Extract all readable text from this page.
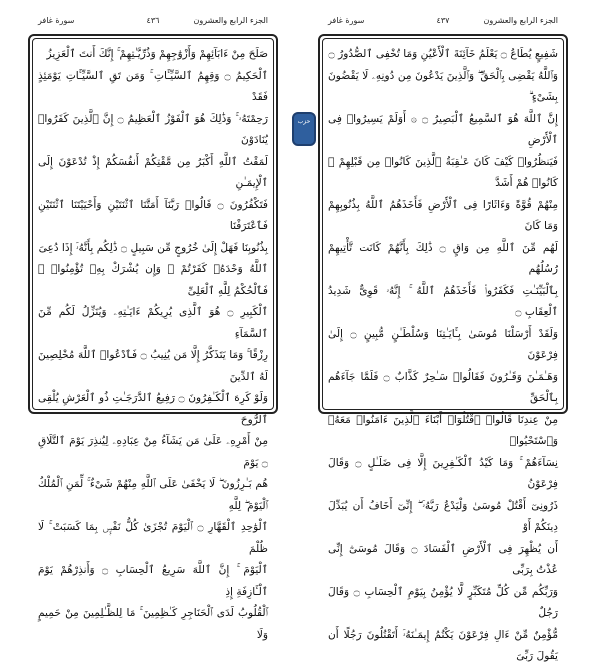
سورة غافر	٤٣٦	الجزء الرابع والعشرون
صَلَحَ مِنْ ءَابَآئِهِمْ وَأَزْوَٰجِهِمْ وَذُرِّيَّـٰتِهِمْ ۚ إِنَّكَ أَنتَ ٱلْعَزِيزُ
ٱلْحَكِيمُ ۝ وَقِهِمُ ٱلسَّيِّـَٔاتِ ۚ وَمَن تَقِ ٱلسَّيِّـَٔاتِ يَوْمَئِذٍ فَقَدْ
رَحِمْتَهُۥ ۚ وَذَٰلِكَ هُوَ ٱلْفَوْزُ ٱلْعَظِيمُ ۝ إِنَّ ٱلَّذِينَ كَفَرُوا۟ يُنَادَوْنَ
لَمَقْتُ ٱللَّهِ أَكْبَرُ مِن مَّقْتِكُمْ أَنفُسَكُمْ إِذْ تُدْعَوْنَ إِلَى ٱلْإِيمَـٰنِ
فَتَكْفُرُونَ ۝ قَالُوا۟ رَبَّنَآ أَمَتَّنَا ٱثْنَتَيْنِ وَأَحْيَيْتَنَا ٱثْنَتَيْنِ فَٱعْتَرَفْنَا
بِذُنُوبِنَا فَهَلْ إِلَىٰ خُرُوجٍ مِّن سَبِيلٍ ۝ ذَٰلِكُم بِأَنَّهُۥٓ إِذَا دُعِىَ
ٱللَّهُ وَحْدَهُۥ كَفَرْتُمْ ۖ وَإِن يُشْرَكْ بِهِۦ تُؤْمِنُوا۟ ۚ فَٱلْحُكْمُ لِلَّهِ ٱلْعَلِىِّ
ٱلْكَبِيرِ ۝ هُوَ ٱلَّذِى يُرِيكُمْ ءَايَـٰتِهِۦ وَيُنَزِّلُ لَكُم مِّنَ ٱلسَّمَآءِ
رِزْقًا ۚ وَمَا يَتَذَكَّرُ إِلَّا مَن يُنِيبُ ۝ فَٱدْعُوا۟ ٱللَّهَ مُخْلِصِينَ لَهُ ٱلدِّينَ
وَلَوْ كَرِهَ ٱلْكَـٰفِرُونَ ۝ رَفِيعُ ٱلدَّرَجَـٰتِ ذُو ٱلْعَرْشِ يُلْقِى ٱلرُّوحَ
مِنْ أَمْرِهِۦ عَلَىٰ مَن يَشَآءُ مِنْ عِبَادِهِۦ لِيُنذِرَ يَوْمَ ٱلتَّلَاقِ ۝ يَوْمَ
هُم بَـٰرِزُونَ ۖ لَا يَخْفَىٰ عَلَى ٱللَّهِ مِنْهُمْ شَىْءٌ ۚ لِّمَنِ ٱلْمُلْكُ ٱلْيَوْمَ ۖ لِلَّهِ
ٱلْوَٰحِدِ ٱلْقَهَّارِ ۝ ٱلْيَوْمَ تُجْزَىٰ كُلُّ نَفْسٍۭ بِمَا كَسَبَتْ ۚ لَا ظُلْمَ
ٱلْيَوْمَ ۚ إِنَّ ٱللَّهَ سَرِيعُ ٱلْحِسَابِ ۝ وَأَنذِرْهُمْ يَوْمَ ٱلْـَٔازِفَةِ إِذِ
ٱلْقُلُوبُ لَدَى ٱلْحَنَاجِرِ كَـٰظِمِينَ ۚ مَا لِلظَّـٰلِمِينَ مِنْ حَمِيمٍ وَلَا
حزب
سورة غافر	٤٣٧	الجزء الرابع والعشرون
شَفِيعٍ يُطَاعُ ۝ يَعْلَمُ خَآئِنَةَ ٱلْأَعْيُنِ وَمَا تُخْفِى ٱلصُّدُورُ ۝
وَٱللَّهُ يَقْضِى بِٱلْحَقِّ ۖ وَٱلَّذِينَ يَدْعُونَ مِن دُونِهِۦ لَا يَقْضُونَ بِشَىْءٍ ۗ
إِنَّ ٱللَّهَ هُوَ ٱلسَّمِيعُ ٱلْبَصِيرُ ۝ ۞ أَوَلَمْ يَسِيرُوا۟ فِى ٱلْأَرْضِ
فَيَنظُرُوا۟ كَيْفَ كَانَ عَـٰقِبَةُ ٱلَّذِينَ كَانُوا۟ مِن قَبْلِهِمْ ۚ كَانُوا۟ هُمْ أَشَدَّ
مِنْهُمْ قُوَّةً وَءَاثَارًا فِى ٱلْأَرْضِ فَأَخَذَهُمُ ٱللَّهُ بِذُنُوبِهِمْ وَمَا كَانَ
لَهُم مِّنَ ٱللَّهِ مِن وَاقٍ ۝ ذَٰلِكَ بِأَنَّهُمْ كَانَت تَّأْتِيهِمْ رُسُلُهُم
بِٱلْبَيِّنَـٰتِ فَكَفَرُوا۟ فَأَخَذَهُمُ ٱللَّهُ ۚ إِنَّهُۥ قَوِىٌّ شَدِيدُ ٱلْعِقَابِ ۝
وَلَقَدْ أَرْسَلْنَا مُوسَىٰ بِـَٔايَـٰتِنَا وَسُلْطَـٰنٍ مُّبِينٍ ۝ إِلَىٰ فِرْعَوْنَ
وَهَـٰمَـٰنَ وَقَـٰرُونَ فَقَالُوا۟ سَـٰحِرٌ كَذَّابٌ ۝ فَلَمَّا جَآءَهُم بِٱلْحَقِّ
مِنْ عِندِنَا قَالُوا۟ ٱقْتُلُوٓا۟ أَبْنَآءَ ٱلَّذِينَ ءَامَنُوا۟ مَعَهُۥ وَٱسْتَحْيُوا۟
نِسَآءَهُمْ ۚ وَمَا كَيْدُ ٱلْكَـٰفِرِينَ إِلَّا فِى ضَلَـٰلٍ ۝ وَقَالَ فِرْعَوْنُ
ذَرُونِىٓ أَقْتُلْ مُوسَىٰ وَلْيَدْعُ رَبَّهُۥٓ ۖ إِنِّىٓ أَخَافُ أَن يُبَدِّلَ دِينَكُمْ أَوْ
أَن يُظْهِرَ فِى ٱلْأَرْضِ ٱلْفَسَادَ ۝ وَقَالَ مُوسَىٰٓ إِنِّى عُذْتُ بِرَبِّى
وَرَبِّكُم مِّن كُلِّ مُتَكَبِّرٍ لَّا يُؤْمِنُ بِيَوْمِ ٱلْحِسَابِ ۝ وَقَالَ رَجُلٌ
مُّؤْمِنٌ مِّنْ ءَالِ فِرْعَوْنَ يَكْتُمُ إِيمَـٰنَهُۥٓ أَتَقْتُلُونَ رَجُلًا أَن يَقُولَ رَبِّىَ
